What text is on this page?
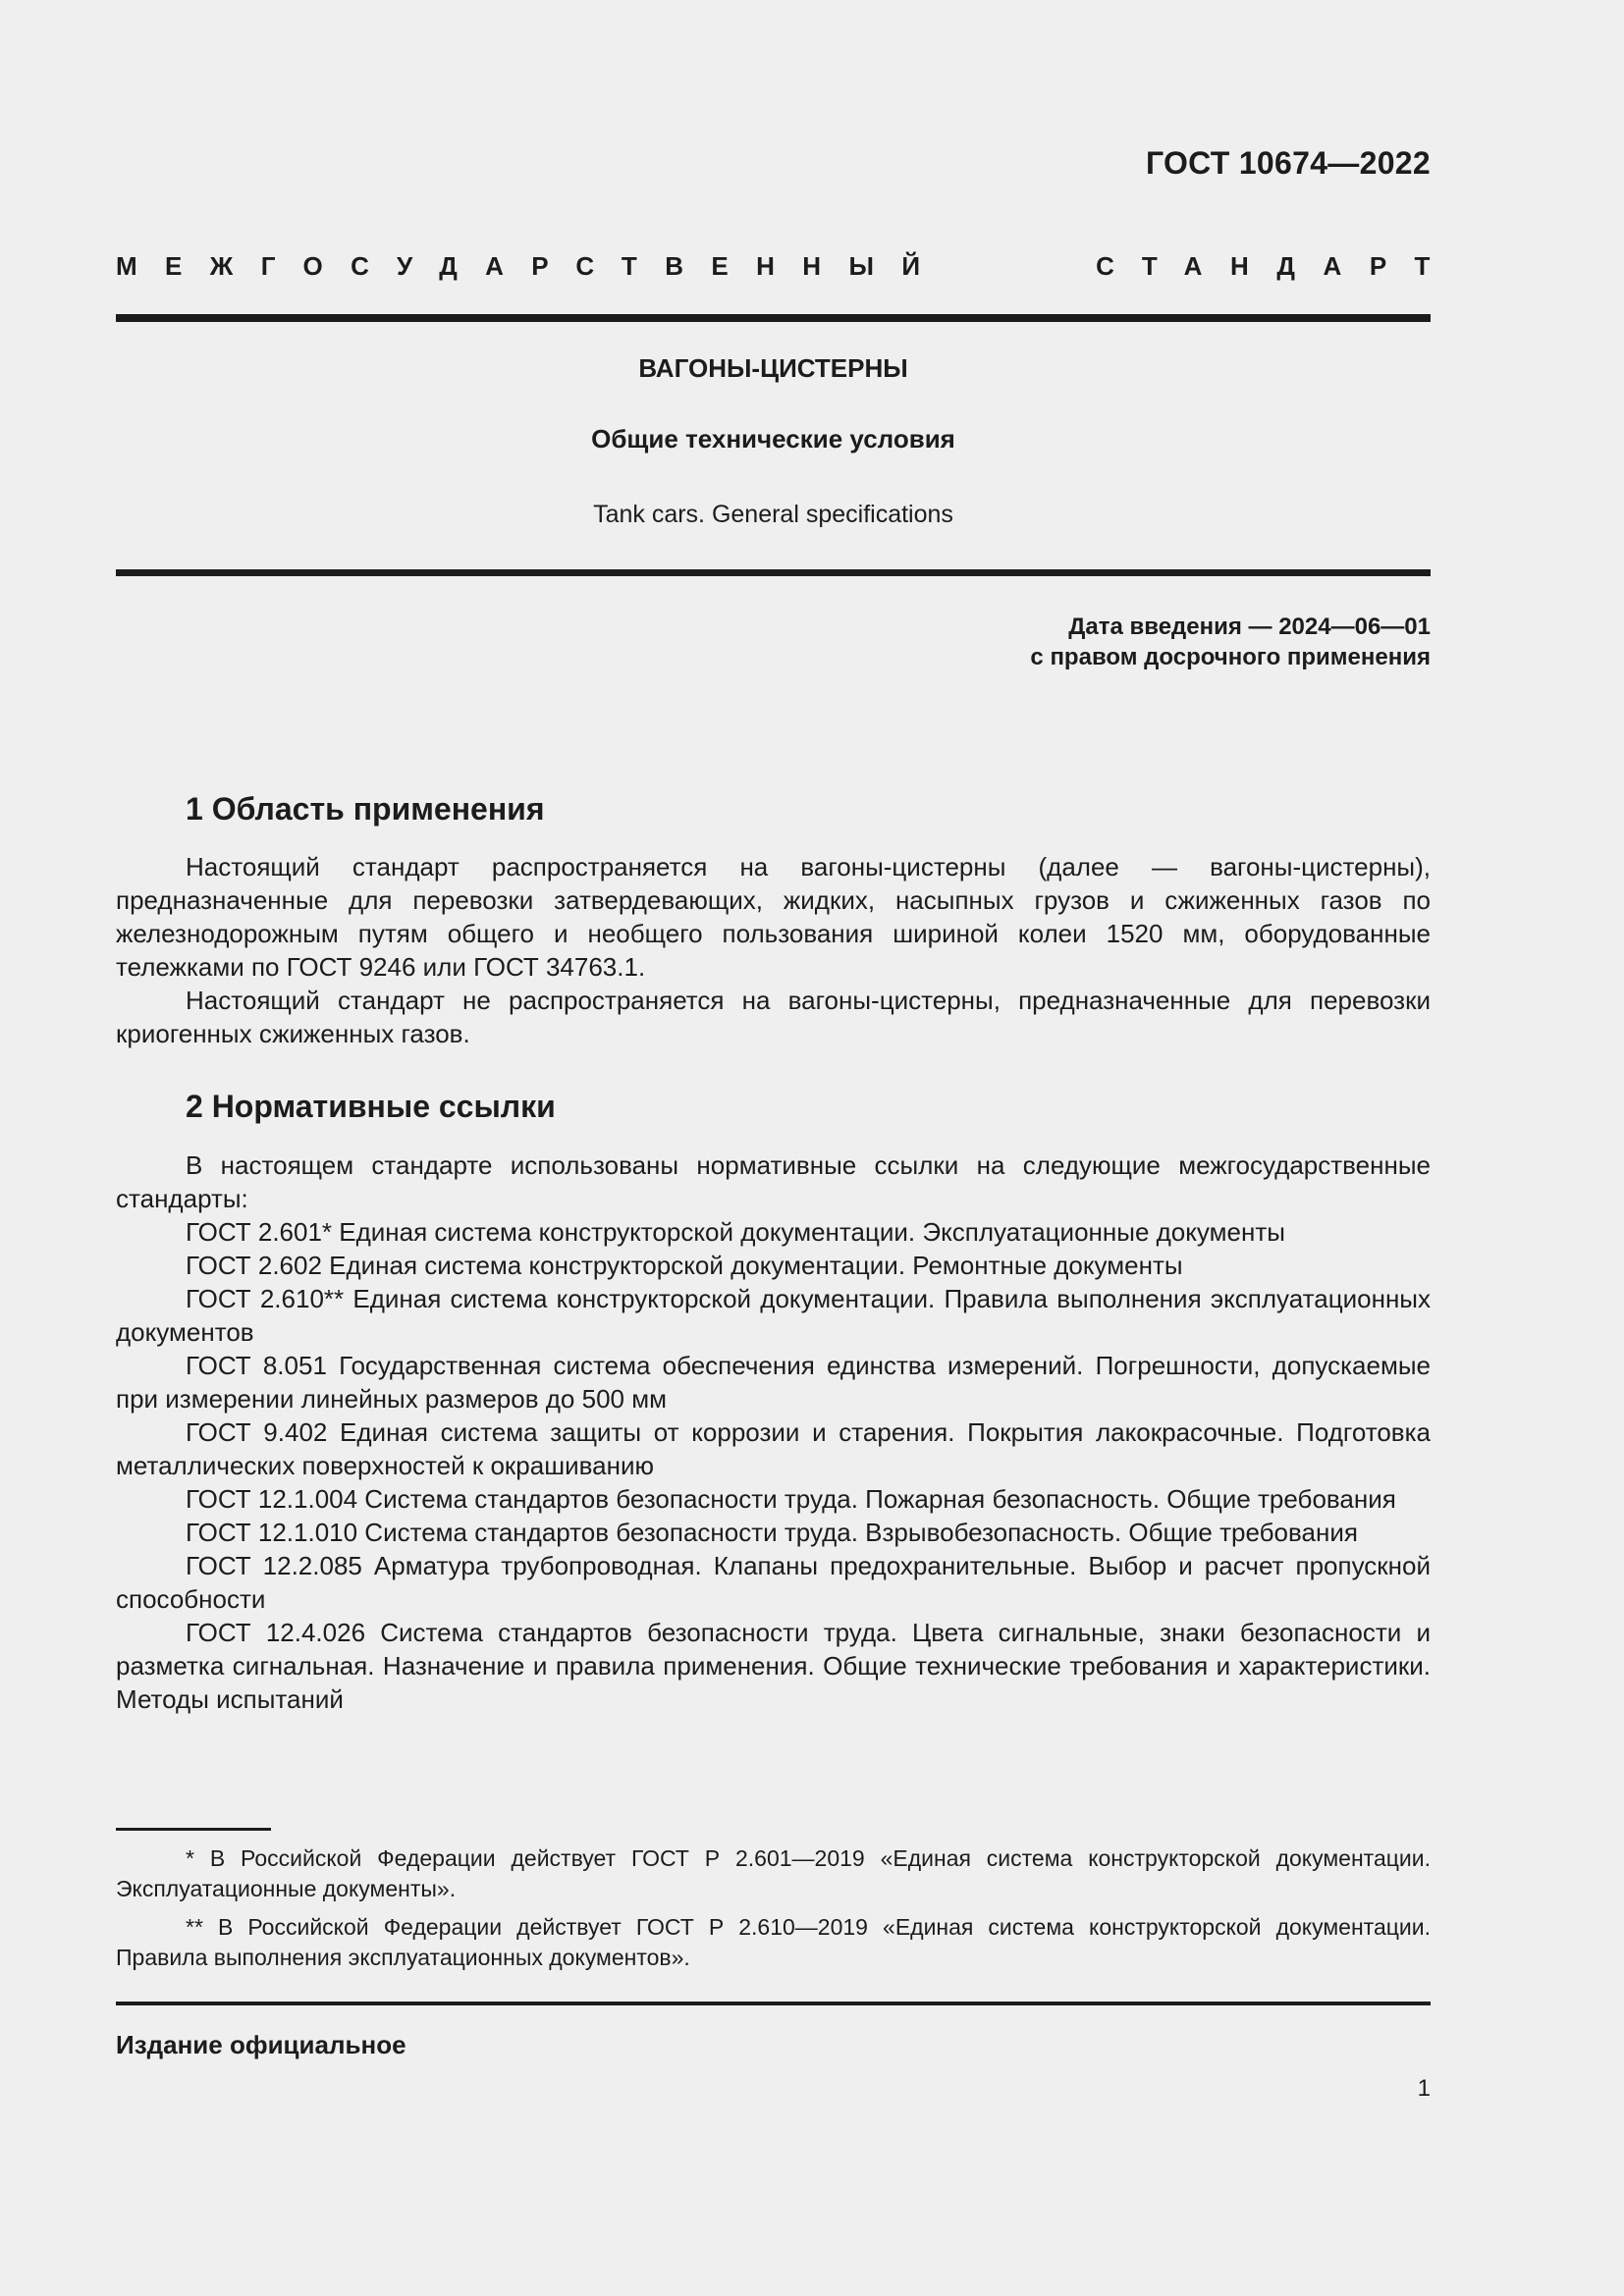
ГОСТ 10674—2022
МЕЖГОСУДАРСТВЕННЫЙ	СТАНДАРТ
ВАГОНЫ-ЦИСТЕРНЫ
Общие технические условия
Tank cars. General specifications
Дата введения — 2024—06—01
с правом досрочного применения
1 Область применения

Настоящий стандарт распространяется на вагоны-цистерны (далее — вагоны-цистерны), предназначенные для перевозки затвердевающих, жидких, насыпных грузов и сжиженных газов по железнодорожным путям общего и необщего пользования шириной колеи 1520 мм, оборудованные тележками по ГОСТ 9246 или ГОСТ 34763.1.

Настоящий стандарт не распространяется на вагоны-цистерны, предназначенные для перевозки криогенных сжиженных газов.

2 Нормативные ссылки

В настоящем стандарте использованы нормативные ссылки на следующие межгосударственные стандарты:

ГОСТ 2.601* Единая система конструкторской документации. Эксплуатационные документы

ГОСТ 2.602 Единая система конструкторской документации. Ремонтные документы

ГОСТ 2.610** Единая система конструкторской документации. Правила выполнения эксплуатационных документов

ГОСТ 8.051 Государственная система обеспечения единства измерений. Погрешности, допускаемые при измерении линейных размеров до 500 мм

ГОСТ 9.402 Единая система защиты от коррозии и старения. Покрытия лакокрасочные. Подготовка металлических поверхностей к окрашиванию

ГОСТ 12.1.004 Система стандартов безопасности труда. Пожарная безопасность. Общие требования

ГОСТ 12.1.010 Система стандартов безопасности труда. Взрывобезопасность. Общие требования

ГОСТ 12.2.085 Арматура трубопроводная. Клапаны предохранительные. Выбор и расчет пропускной способности

ГОСТ 12.4.026 Система стандартов безопасности труда. Цвета сигнальные, знаки безопасности и разметка сигнальная. Назначение и правила применения. Общие технические требования и характеристики. Методы испытаний

* В Российской Федерации действует ГОСТ Р 2.601—2019 «Единая система конструкторской документации. Эксплуатационные документы».

** В Российской Федерации действует ГОСТ Р 2.610—2019 «Единая система конструкторской документации. Правила выполнения эксплуатационных документов».

Издание официальное
1
